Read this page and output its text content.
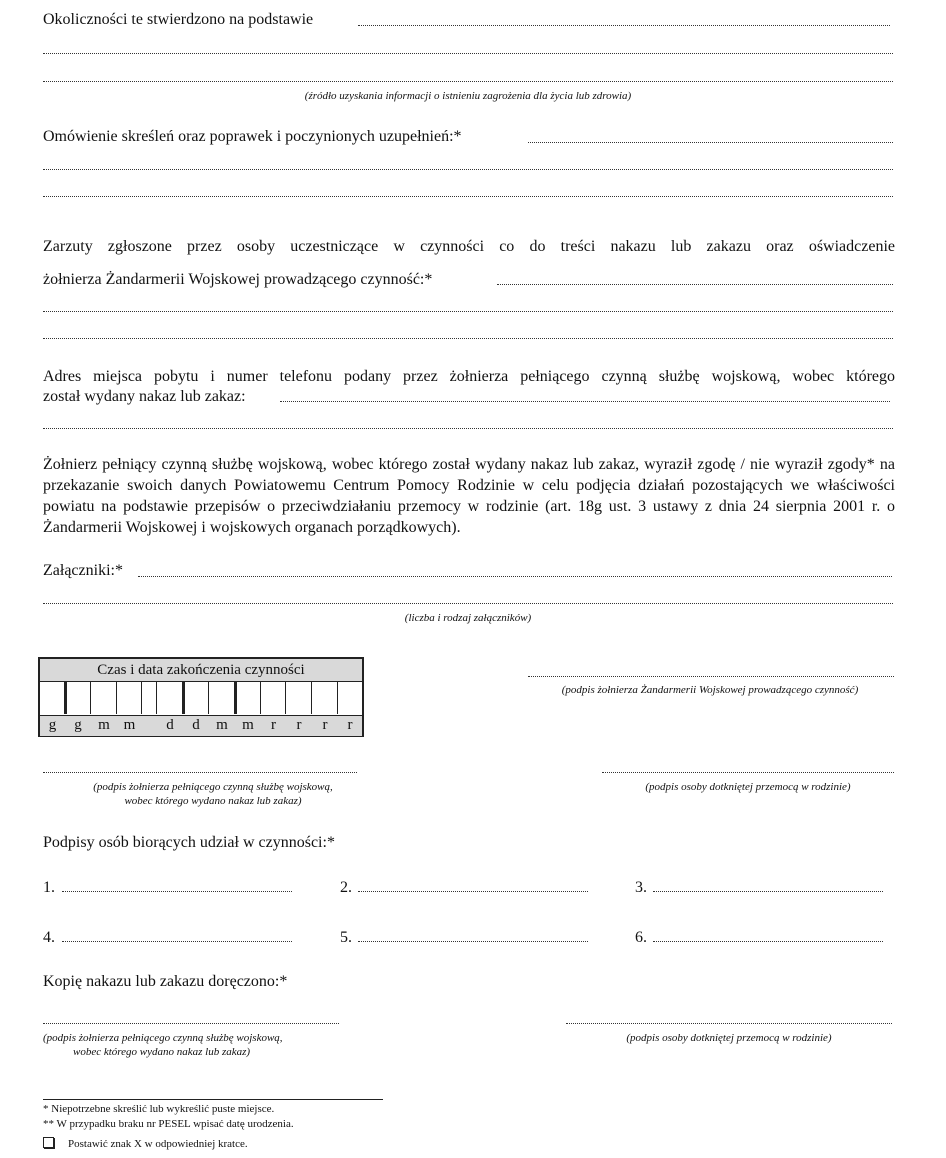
Okoliczności te stwierdzono na podstawie
(źródło uzyskania informacji o istnieniu zagrożenia dla życia lub zdrowia)
Omówienie skreśleń oraz poprawek i poczynionych uzupełnień:*
Zarzuty zgłoszone przez osoby uczestniczące w czynności co do treści nakazu lub zakazu oraz oświadczenie
żołnierza Żandarmerii Wojskowej prowadzącego czynność:*
Adres miejsca pobytu i numer telefonu podany przez żołnierza pełniącego czynną służbę wojskową, wobec którego
został wydany nakaz lub zakaz:
Żołnierz pełniący czynną służbę wojskową, wobec którego został wydany nakaz lub zakaz, wyraził zgodę / nie wyraził zgody* na przekazanie swoich danych Powiatowemu Centrum Pomocy Rodzinie w celu podjęcia działań pozostających we właściwości powiatu na podstawie przepisów o przeciwdziałaniu przemocy w rodzinie (art. 18g ust. 3 ustawy z dnia 24 sierpnia 2001 r. o Żandarmerii Wojskowej i wojskowych organach porządkowych).
Załączniki:*
(liczba i rodzaj załączników)
Czas i data zakończenia czynności
g	g	m m	d	d	m m	r	r	r	r
(podpis żołnierza Żandarmerii Wojskowej prowadzącego czynność)
(podpis żołnierza pełniącego czynną służbę wojskową,
wobec którego wydano nakaz lub zakaz)
(podpis osoby dotkniętej przemocą w rodzinie)
Podpisy osób biorących udział w czynności:*
1.	2.	3.
4.	5.	6.
Kopię nakazu lub zakazu doręczono:*
(podpis żołnierza pełniącego czynną służbę wojskową,
wobec którego wydano nakaz lub zakaz)
(podpis osoby dotkniętej przemocą w rodzinie)
* Niepotrzebne skreślić lub wykreślić puste miejsce.
** W przypadku braku nr PESEL wpisać datę urodzenia.
Postawić znak X w odpowiedniej kratce.
